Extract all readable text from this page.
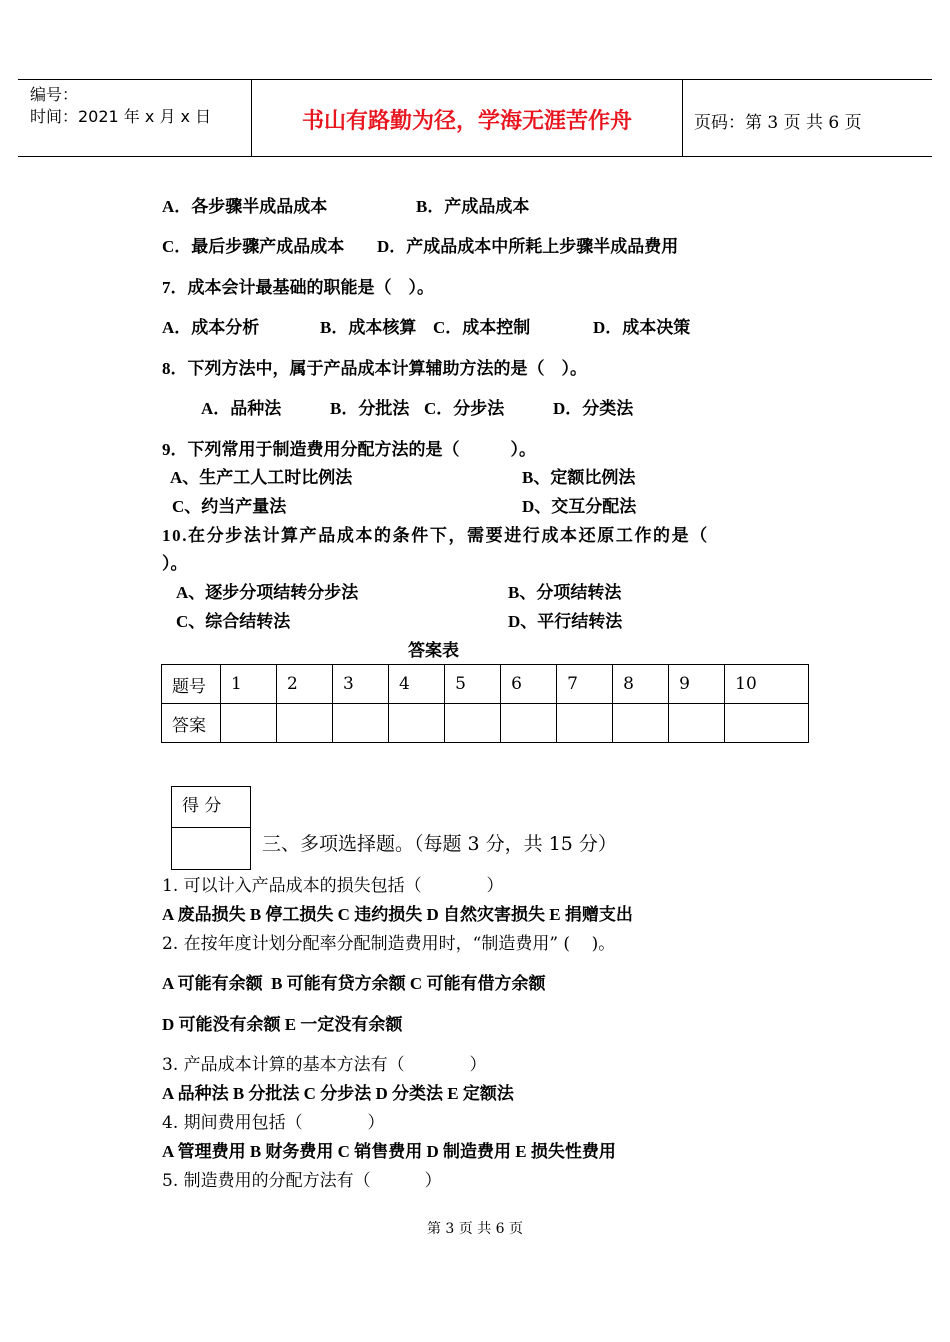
编号：
时间：2021 年 x 月 x 日	书山有路勤为径，学海无涯苦作舟	页码：第 3 页 共 6 页
A．各步骤半成品成本	B．产成品成本
C．最后步骤产成品成本 D．产成品成本中所耗上步骤半成品费用
7．成本会计最基础的职能是（    ）。
A．成本分析	B．成本核算 C．成本控制	D．成本决策
8．下列方法中，属于产品成本计算辅助方法的是（    ）。
A．品种法	B．分批法 C．分步法	D．分类法
9．下列常用于制造费用分配方法的是（            ）。
A、生产工人工时比例法	B、定额比例法
C、约当产量法	D、交互分配法
10.在分步法计算产品成本的条件下，需要进行成本还原工作的是（
）。
A、逐步分项结转分步法	B、分项结转法
C、综合结转法	D、平行结转法
答案表
题号	1	2	3	4	5	6	7	8	9	10
答案										
得 分
三、多项选择题。（每题 3 分，共 15 分）
1. 可以计入产品成本的损失包括（            ）
A 废品损失 B 停工损失 C 违约损失 D 自然灾害损失 E 捐赠支出
2. 在按年度计划分配率分配制造费用时，“制造费用” (    )。
A 可能有余额  B 可能有贷方余额 C 可能有借方余额
D 可能没有余额 E 一定没有余额
3. 产品成本计算的基本方法有（            ）
A 品种法 B 分批法 C 分步法 D 分类法 E 定额法
4. 期间费用包括（            ）
A 管理费用 B 财务费用 C 销售费用 D 制造费用 E 损失性费用
5. 制造费用的分配方法有（          ）
第 3 页 共 6 页
